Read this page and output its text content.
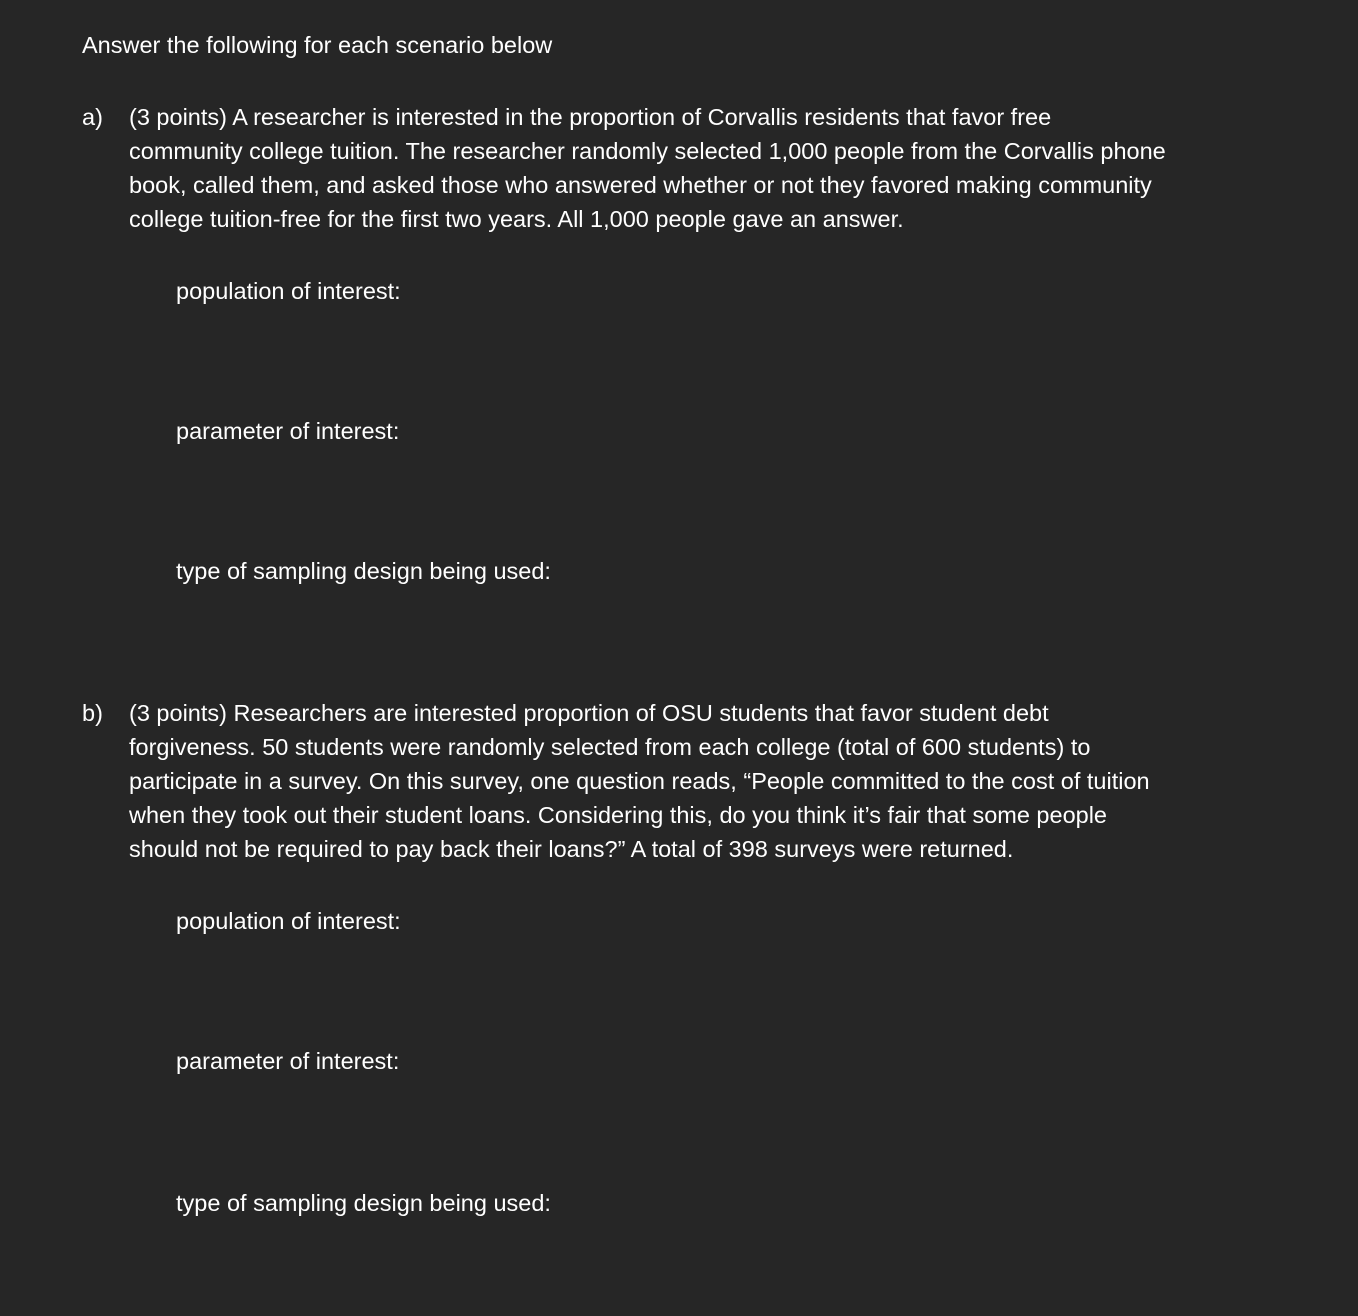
Answer the following for each scenario below
a) (3 points) A researcher is interested in the proportion of Corvallis residents that favor free
community college tuition. The researcher randomly selected 1,000 people from the Corvallis phone
book, called them, and asked those who answered whether or not they favored making community
college tuition-free for the first two years. All 1,000 people gave an answer.

population of interest:

parameter of interest:

type of sampling design being used:

b) (3 points) Researchers are interested proportion of OSU students that favor student debt
forgiveness. 50 students were randomly selected from each college (total of 600 students) to
participate in a survey. On this survey, one question reads, “People committed to the cost of tuition
when they took out their student loans. Considering this, do you think it’s fair that some people
should not be required to pay back their loans?” A total of 398 surveys were returned.

population of interest:

parameter of interest:

type of sampling design being used:
